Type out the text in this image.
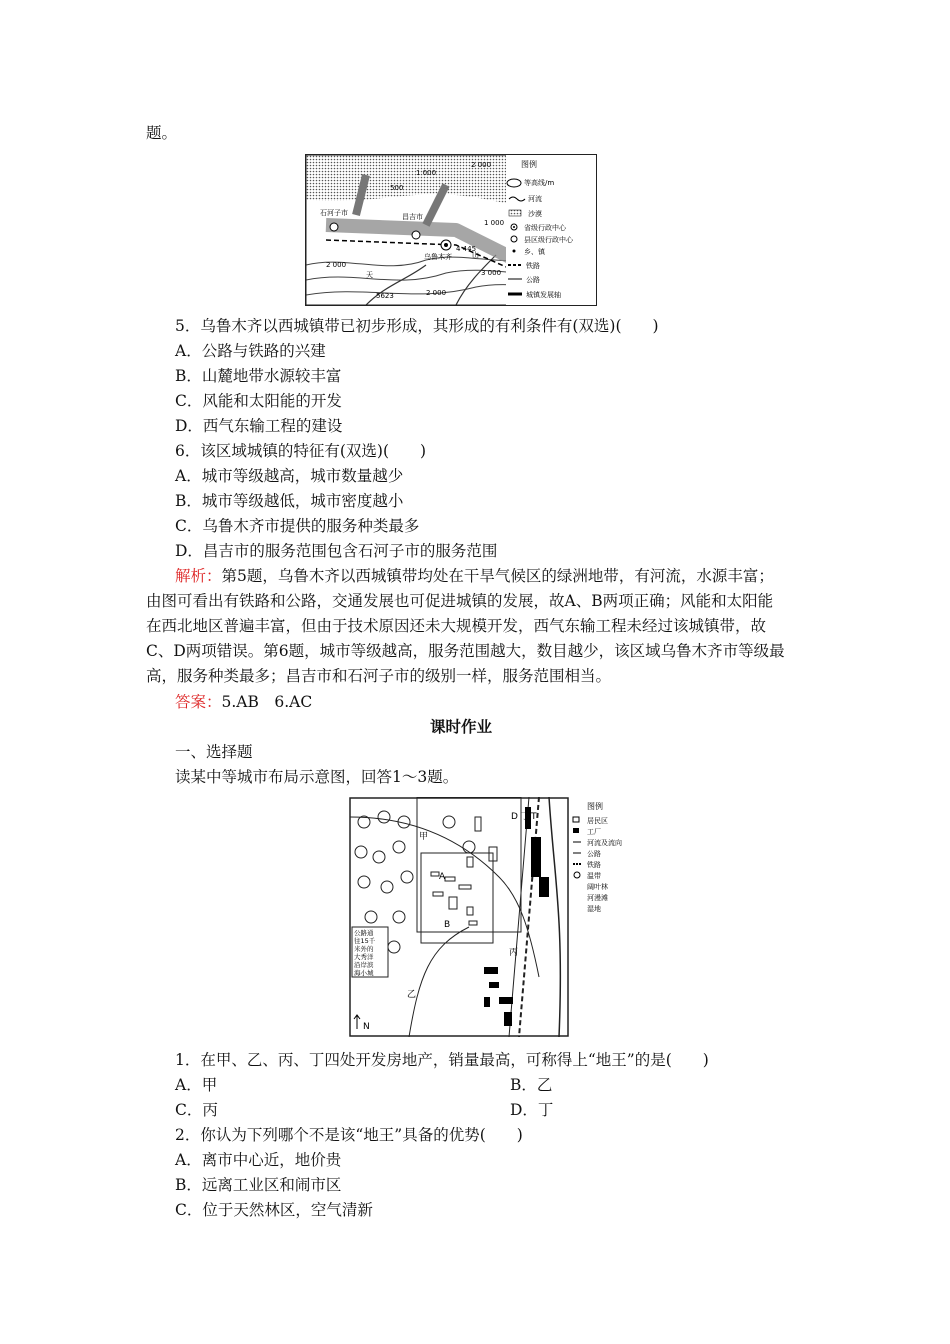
题。
图例
等高线/m
河流
沙漠
省级行政中心
县区级行政中心
乡、镇
铁路
公路
城镇发展轴
石河子市	昌吉市
乌鲁木齐
5623
4 445
2 000
1 000
1 000
3 000
2 000
2 000
500
天
山
5．乌鲁木齐以西城镇带已初步形成，其形成的有利条件有(双选)(　　)
A．公路与铁路的兴建
B．山麓地带水源较丰富
C．风能和太阳能的开发
D．西气东输工程的建设
6．该区域城镇的特征有(双选)(　　)
A．城市等级越高，城市数量越少
B．城市等级越低，城市密度越小
C．乌鲁木齐市提供的服务种类最多
D．昌吉市的服务范围包含石河子市的服务范围
解析：第5题，乌鲁木齐以西城镇带均处在干旱气候区的绿洲地带，有河流，水源丰富；
由图可看出有铁路和公路，交通发展也可促进城镇的发展，故A、B两项正确；风能和太阳能
在西北地区普遍丰富，但由于技术原因还未大规模开发，西气东输工程未经过该城镇带，故
C、D两项错误。第6题，城市等级越高，服务范围越大，数目越少，该区域乌鲁木齐市等级最
高，服务种类最多；昌吉市和石河子市的级别一样，服务范围相当。
答案：5.AB　6.AC
课时作业
一、选择题
读某中等城市布局示意图，回答1～3题。
公路通
往15千
米外的
大秀洋
沿岸滨
海小城
甲
乙
丙
丁
A
B
D T
N
图例
居民区
工厂
河流及流向
公路
铁路
温带
阔叶林
河漫滩
湿地
1．在甲、乙、丙、丁四处开发房地产，销量最高，可称得上“地王”的是(　　)
A．甲	B．乙
C．丙	D．丁
2．你认为下列哪个不是该“地王”具备的优势(　　)
A．离市中心近，地价贵
B．远离工业区和闹市区
C．位于天然林区，空气清新
